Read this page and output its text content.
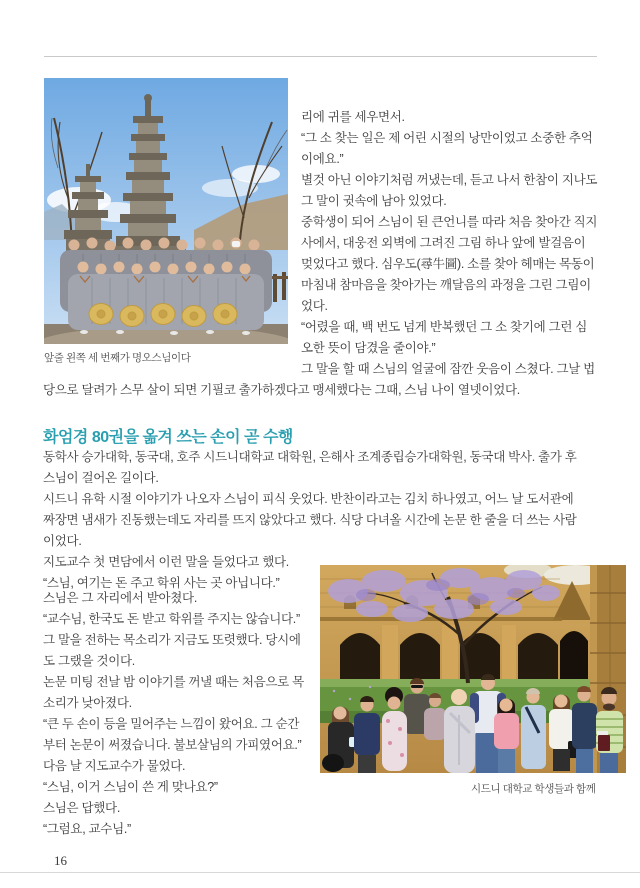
앞줄 왼쪽 세 번째가 명오스님이다
리에 귀를 세우면서.
“그 소 찾는 일은 제 어린 시절의 낭만이었고 소중한 추억
이에요.”
별것 아닌 이야기처럼 꺼냈는데, 듣고 나서 한참이 지나도
그 말이 귓속에 남아 있었다.
중학생이 되어 스님이 된 큰언니를 따라 처음 찾아간 직지
사에서, 대웅전 외벽에 그려진 그림 하나 앞에 발걸음이
멎었다고 했다. 심우도(尋牛圖). 소를 찾아 헤매는 목동이
마침내 참마음을 찾아가는 깨달음의 과정을 그린 그림이
었다.
“어렸을 때, 백 번도 넘게 반복했던 그 소 찾기에 그런 심
오한 뜻이 담겼을 줄이야.”
그 말을 할 때 스님의 얼굴에 잠깐 웃음이 스쳤다. 그날 법
당으로 달려가 스무 살이 되면 기필코 출가하겠다고 맹세했다는 그때, 스님 나이 열넷이었다.
화엄경 80권을 옮겨 쓰는 손이 곧 수행
동학사 승가대학, 동국대, 호주 시드니대학교 대학원, 은해사 조계종립승가대학원, 동국대 박사. 출가 후
스님이 걸어온 길이다.
시드니 유학 시절 이야기가 나오자 스님이 피식 웃었다. 반찬이라고는 김치 하나였고, 어느 날 도서관에
짜장면 냄새가 진동했는데도 자리를 뜨지 않았다고 했다. 식당 다녀올 시간에 논문 한 줄을 더 쓰는 사람
이었다.
지도교수 첫 면담에서 이런 말을 들었다고 했다.
“스님, 여기는 돈 주고 학위 사는 곳 아닙니다.”
스님은 그 자리에서 받아쳤다.
“교수님, 한국도 돈 받고 학위를 주지는 않습니다.”
그 말을 전하는 목소리가 지금도 또렷했다. 당시에
도 그랬을 것이다.
논문 미팅 전날 밤 이야기를 꺼낼 때는 처음으로 목
소리가 낮아졌다.
“큰 두 손이 등을 밀어주는 느낌이 왔어요. 그 순간
부터 논문이 써졌습니다. 불보살님의 가피였어요.”
다음 날 지도교수가 물었다.
“스님, 이거 스님이 쓴 게 맞나요?”
스님은 답했다.
“그럼요, 교수님.”
시드니 대학교 학생들과 함께
16
